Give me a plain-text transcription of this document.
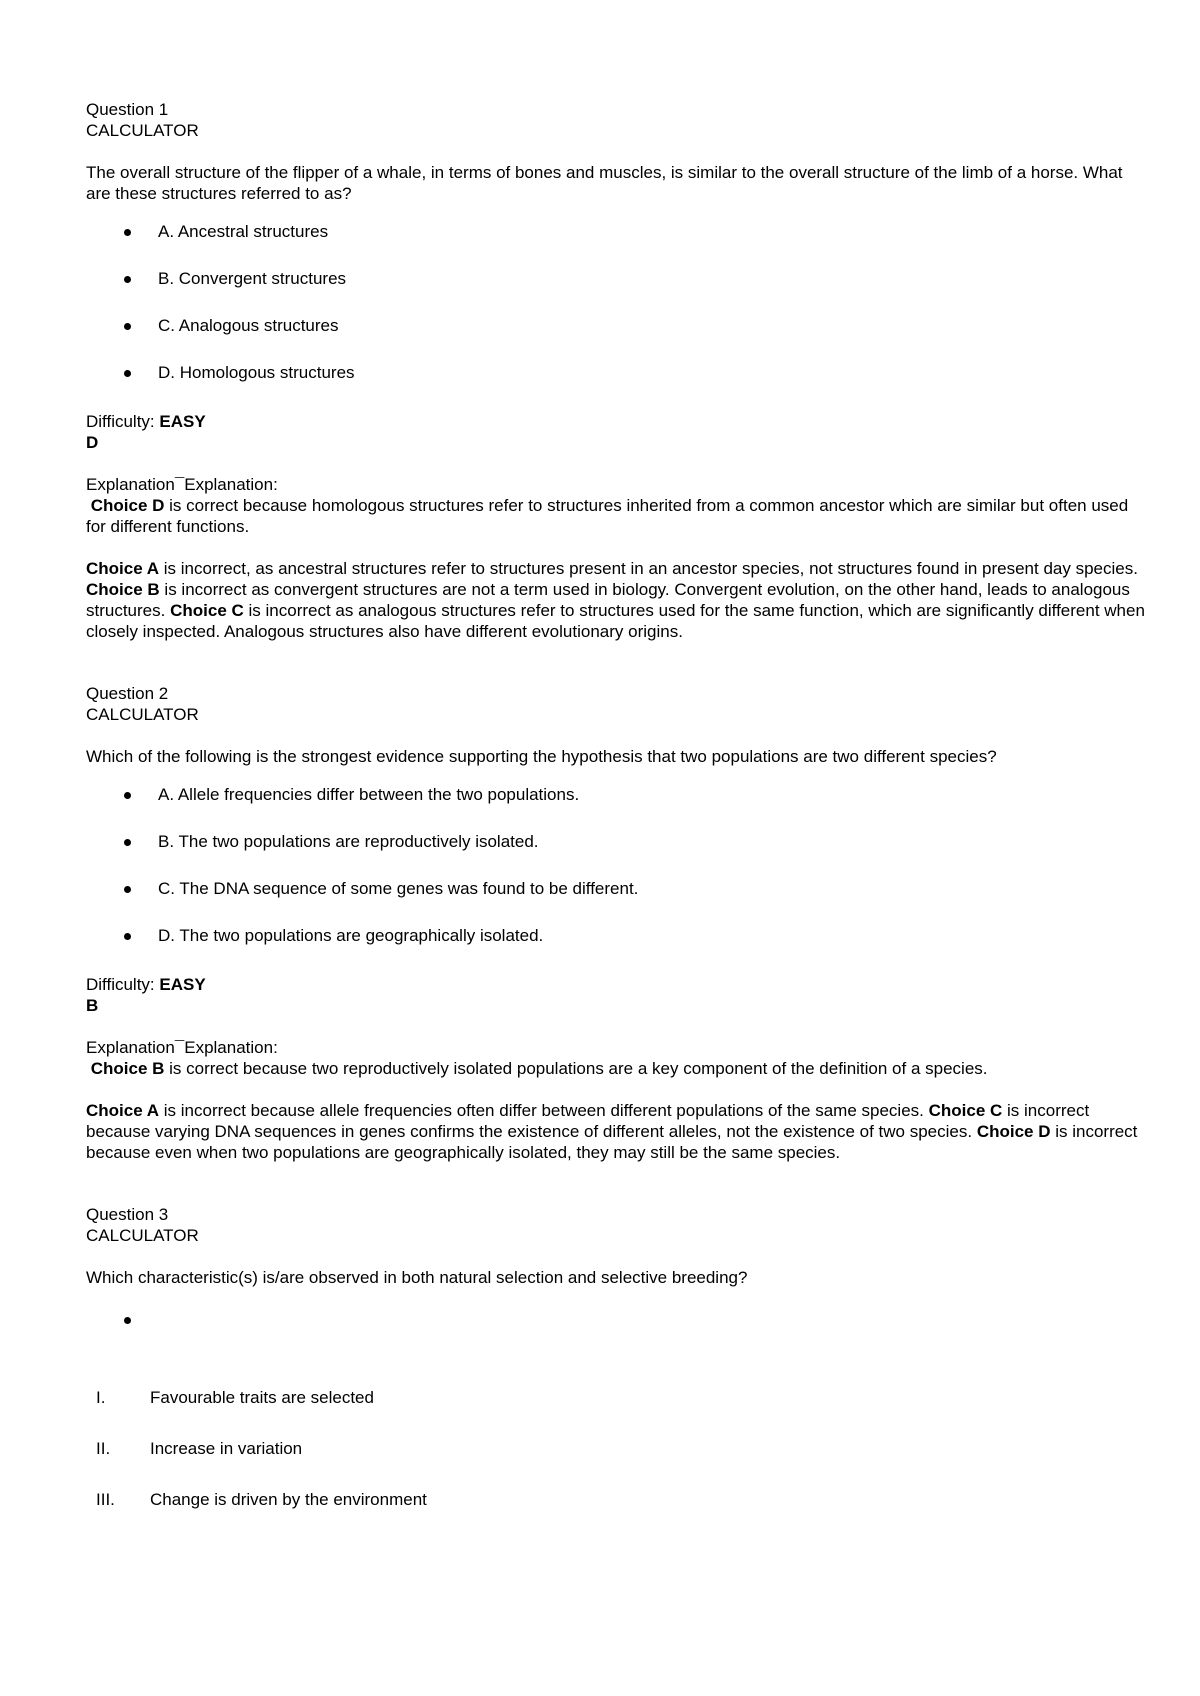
Question 1
CALCULATOR
The overall structure of the flipper of a whale, in terms of bones and muscles, is similar to the overall structure of the limb of a horse. What are these structures referred to as?
A. Ancestral structures
B. Convergent structures
C. Analogous structures
D. Homologous structures
Difficulty: EASY
D
Explanation¯Explanation:
Choice D is correct because homologous structures refer to structures inherited from a common ancestor which are similar but often used for different functions.
Choice A is incorrect, as ancestral structures refer to structures present in an ancestor species, not structures found in present day species. Choice B is incorrect as convergent structures are not a term used in biology. Convergent evolution, on the other hand, leads to analogous structures. Choice C is incorrect as analogous structures refer to structures used for the same function, which are significantly different when closely inspected. Analogous structures also have different evolutionary origins.
Question 2
CALCULATOR
Which of the following is the strongest evidence supporting the hypothesis that two populations are two different species?
A. Allele frequencies differ between the two populations.
B. The two populations are reproductively isolated.
C. The DNA sequence of some genes was found to be different.
D. The two populations are geographically isolated.
Difficulty: EASY
B
Explanation¯Explanation:
Choice B is correct because two reproductively isolated populations are a key component of the definition of a species.
Choice A is incorrect because allele frequencies often differ between different populations of the same species. Choice C is incorrect because varying DNA sequences in genes confirms the existence of different alleles, not the existence of two species. Choice D is incorrect because even when two populations are geographically isolated, they may still be the same species.
Question 3
CALCULATOR
Which characteristic(s) is/are observed in both natural selection and selective breeding?
I.	Favourable traits are selected
II. Increase in variation
III. Change is driven by the environment
